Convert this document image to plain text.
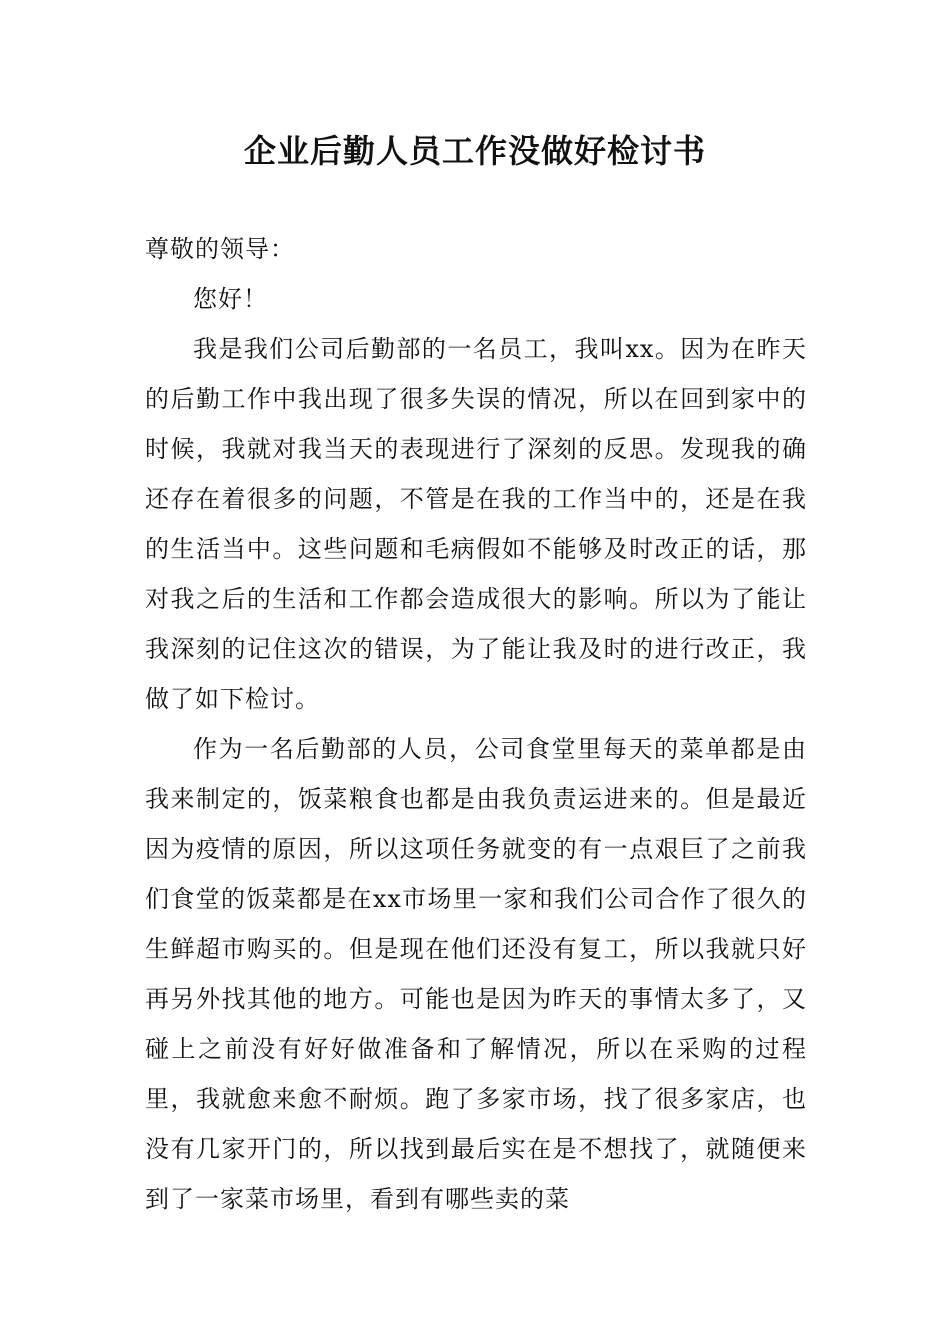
企业后勤人员工作没做好检讨书

尊敬的领导：

您好！

我是我们公司后勤部的一名员工，我叫xx。因为在昨天的后勤工作中我出现了很多失误的情况，所以在回到家中的时候，我就对我当天的表现进行了深刻的反思。发现我的确还存在着很多的问题，不管是在我的工作当中的，还是在我的生活当中。这些问题和毛病假如不能够及时改正的话，那对我之后的生活和工作都会造成很大的影响。所以为了能让我深刻的记住这次的错误，为了能让我及时的进行改正，我做了如下检讨。

作为一名后勤部的人员，公司食堂里每天的菜单都是由我来制定的，饭菜粮食也都是由我负责运进来的。但是最近因为疫情的原因，所以这项任务就变的有一点艰巨了之前我们食堂的饭菜都是在xx市场里一家和我们公司合作了很久的生鲜超市购买的。但是现在他们还没有复工，所以我就只好再另外找其他的地方。可能也是因为昨天的事情太多了，又碰上之前没有好好做准备和了解情况，所以在采购的过程里，我就愈来愈不耐烦。跑了多家市场，找了很多家店，也没有几家开门的，所以找到最后实在是不想找了，就随便来到了一家菜市场里，看到有哪些卖的菜
